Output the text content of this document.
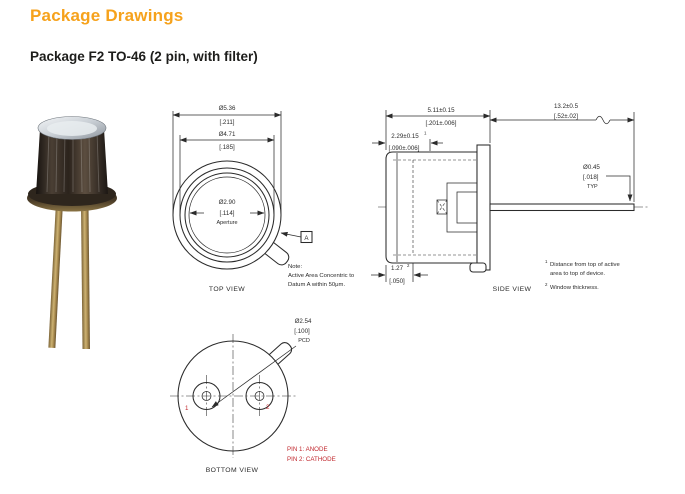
Package Drawings
Package F2 TO-46 (2 pin, with filter)
Ø5.36
[.211]
Ø4.71
[.185]
Ø2.90
[.114]
Aperture
A
Note:
Active Area Concentric to
Datum A within 50μm.
TOP VIEW
5.11±0.15
[.201±.006]
2.29±0.15 1
[.090±.006]
13.2±0.5
[.52±.02]
Ø0.45
[.018]
TYP
1.27 2
[.050]
SIDE VIEW
1
Distance from top of active
area to top of device.
2
Window thickness.
1	2
Ø2.54
[.100]
PCD
PIN 1: ANODE
PIN 2: CATHODE
BOTTOM VIEW
